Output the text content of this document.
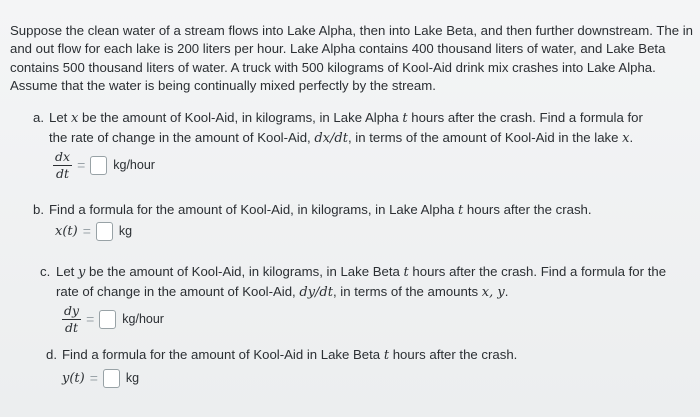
Suppose the clean water of a stream flows into Lake Alpha, then into Lake Beta, and then further downstream. The in and out flow for each lake is 200 liters per hour. Lake Alpha contains 400 thousand liters of water, and Lake Beta contains 500 thousand liters of water. A truck with 500 kilograms of Kool-Aid drink mix crashes into Lake Alpha. Assume that the water is being continually mixed perfectly by the stream.

a. Let x be the amount of Kool-Aid, in kilograms, in Lake Alpha t hours after the crash. Find a formula for

the rate of change in the amount of Kool-Aid, dx/dt, in terms of the amount of Kool-Aid in the lake x.

$\frac{dx}{dt}$ = kg/hour

b. Find a formula for the amount of Kool-Aid, in kilograms, in Lake Alpha t hours after the crash.

x(t) = kg

c. Let y be the amount of Kool-Aid, in kilograms, in Lake Beta t hours after the crash. Find a formula for the

rate of change in the amount of Kool-Aid, dy/dt, in terms of the amounts x, y.

$\frac{dy}{dt}$ = kg/hour

d. Find a formula for the amount of Kool-Aid in Lake Beta t hours after the crash.

y(t) = kg
